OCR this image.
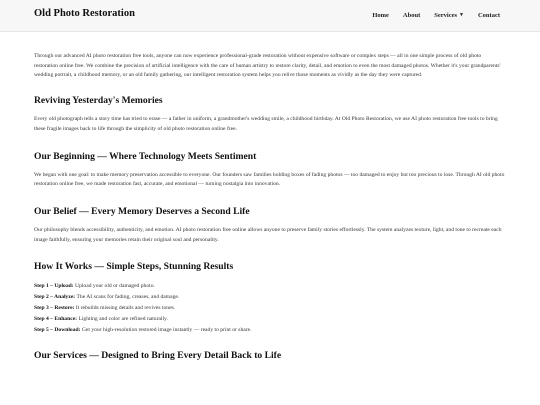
Old Photo Restoration	Home About Services ▼ Contact

Through our advanced AI photo restoration free tools, anyone can now experience professional-grade restoration without expensive software or complex steps — all in one simple process of old photo restoration online free. We combine the precision of artificial intelligence with the care of human artistry to restore clarity, detail, and emotion to even the most damaged photos. Whether it's your grandparents' wedding portrait, a childhood memory, or an old family gathering, our intelligent restoration system helps you relive those moments as vividly as the day they were captured.

Reviving Yesterday's Memories

Every old photograph tells a story time has tried to erase — a father in uniform, a grandmother's wedding smile, a childhood birthday. At Old Photo Restoration, we use AI photo restoration free tools to bring these fragile images back to life through the simplicity of old photo restoration online free.

Our Beginning — Where Technology Meets Sentiment

We began with one goal: to make memory preservation accessible to everyone. Our founders saw families holding boxes of fading photos — too damaged to enjoy but too precious to lose. Through AI old photo restoration online free, we made restoration fast, accurate, and emotional — turning nostalgia into innovation.

Our Belief — Every Memory Deserves a Second Life

Our philosophy blends accessibility, authenticity, and emotion. AI photo restoration free online allows anyone to preserve family stories effortlessly. The system analyzes texture, light, and tone to recreate each image faithfully, ensuring your memories retain their original soul and personality.

How It Works — Simple Steps, Stunning Results
Step 1 – Upload: Upload your old or damaged photo.
Step 2 – Analyze: The AI scans for fading, creases, and damage.
Step 3 – Restore: It rebuilds missing details and revives tones.
Step 4 – Enhance: Lighting and color are refined naturally.
Step 5 – Download: Get your high-resolution restored image instantly — ready to print or share.
Our Services — Designed to Bring Every Detail Back to Life
